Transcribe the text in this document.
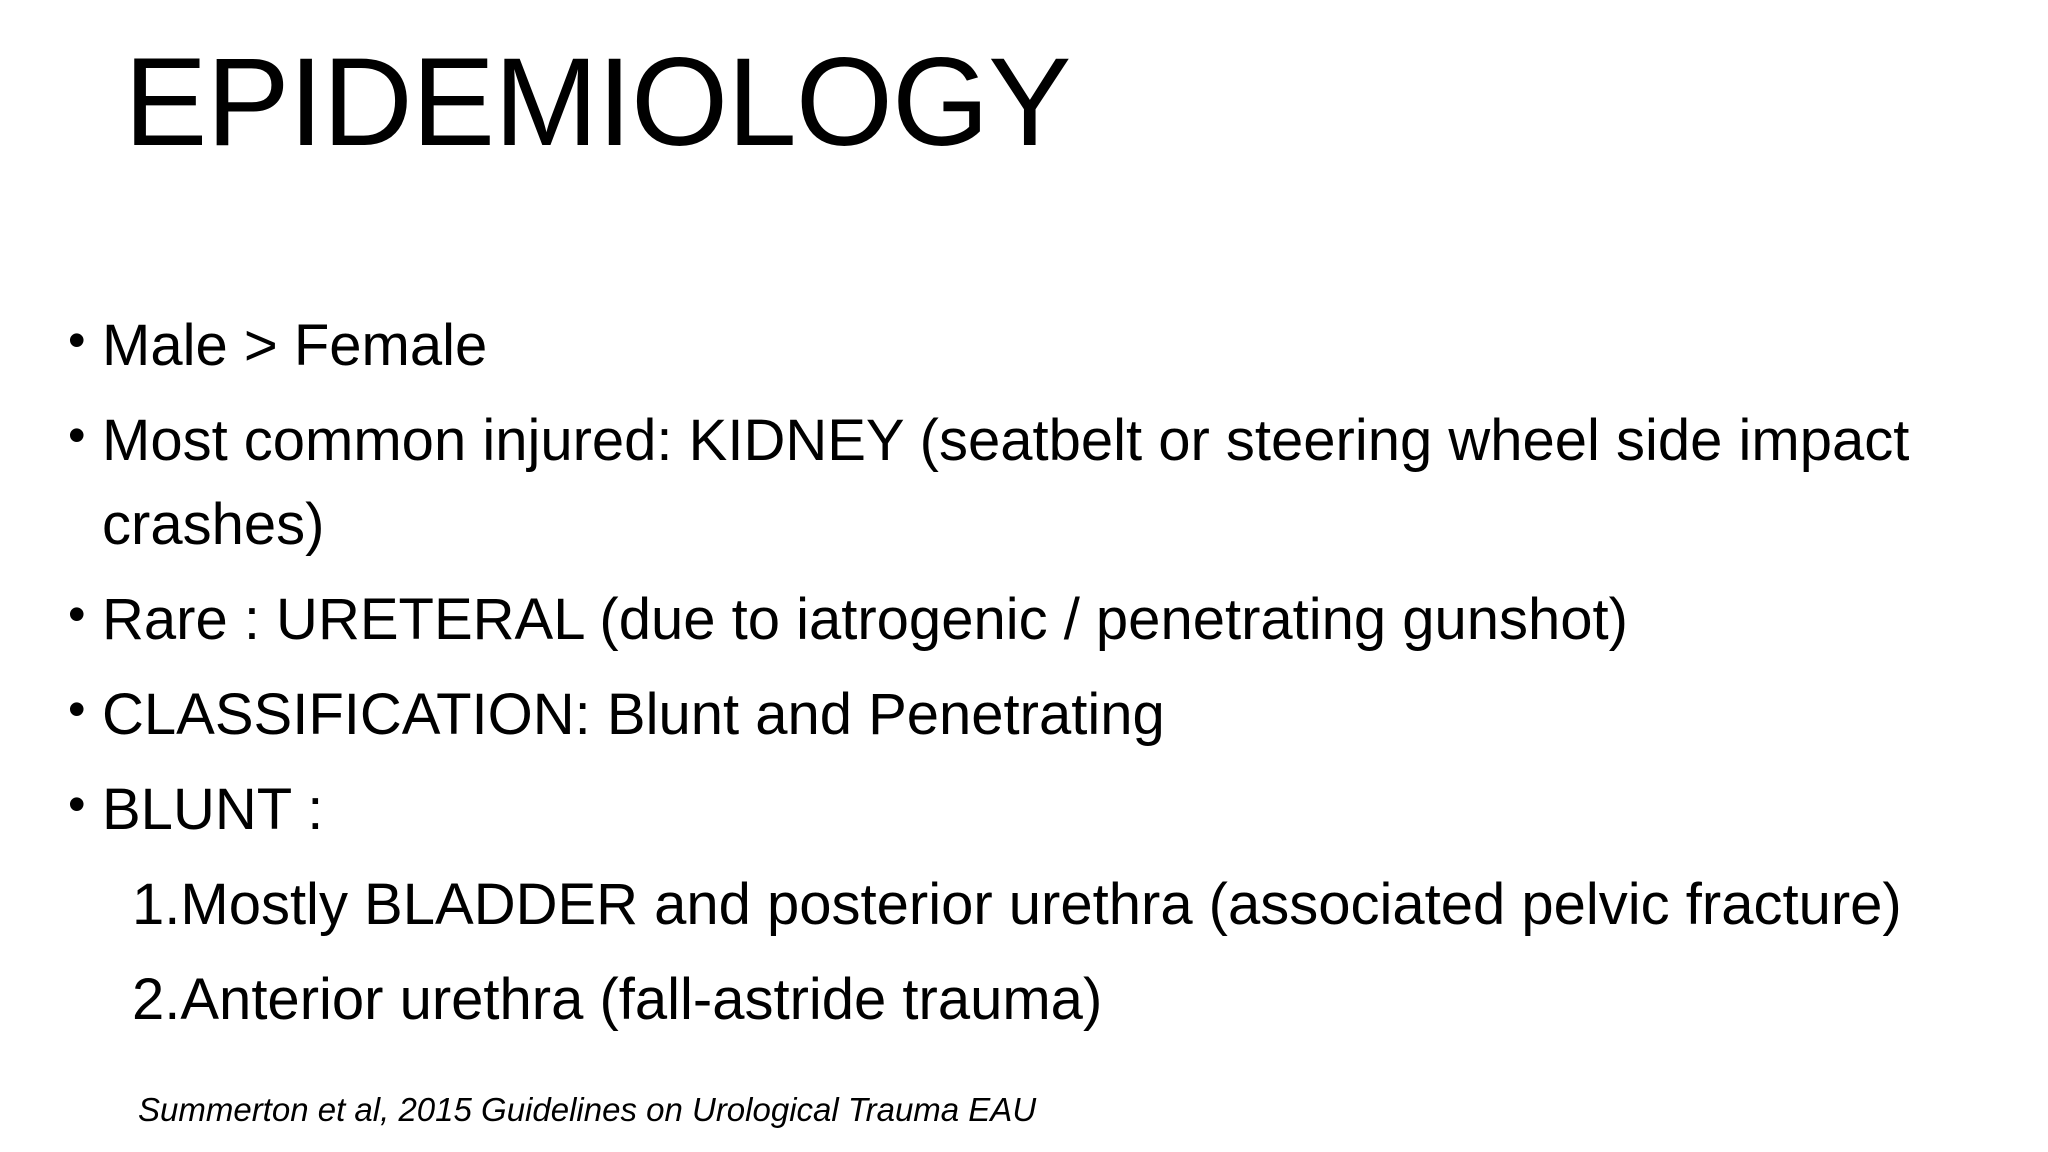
EPIDEMIOLOGY
• Male > Female
• Most common injured: KIDNEY (seatbelt or steering wheel side impact crashes)
• Rare : URETERAL (due to iatrogenic / penetrating gunshot)
• CLASSIFICATION: Blunt and Penetrating
• BLUNT :
1.Mostly BLADDER and posterior urethra (associated pelvic fracture)
2.Anterior urethra (fall-astride trauma)
Summerton et al, 2015 Guidelines on Urological Trauma EAU
